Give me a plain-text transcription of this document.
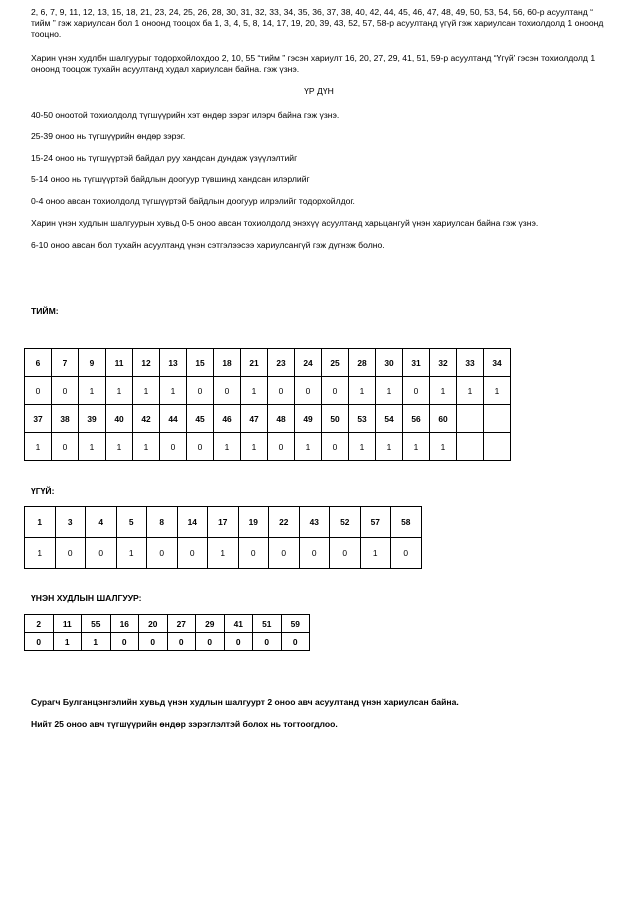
2, 6, 7, 9, 11, 12, 13, 15, 18, 21, 23, 24, 25, 26, 28, 30, 31, 32, 33, 34, 35, 36, 37, 38, 40, 42, 44, 45, 46, 47, 48, 49, 50, 53, 54, 56, 60-р асуултанд “ тийм ” гэж хариулсан бол 1 оноонд тооцох ба 1, 3, 4, 5, 8, 14, 17, 19, 20, 39, 43, 52, 57, 58-р асуултанд үгүй гэж хариулсан тохиолдолд 1 оноонд тооцно.

Харин үнэн худлбн шалгуурыг тодорхойлохдоо 2, 10, 55 “тийм ” гэсэн хариулт 16, 20, 27, 29, 41, 51, 59-р асуултанд “Үгүй’ гэсэн тохиолдолд 1 оноонд тооцож тухайн асуултанд худал хариулсан байна. гэж үзнэ.

ҮР ДҮН
40-50 оноотой тохиолдолд түгшүүрийн хэт өндөр зэрэг илэрч байна гэж үзнэ.
25-39 оноо нь түгшүүрийн өндөр зэрэг.
15-24 оноо нь түгшүүртэй байдал руу хандсан дундаж үзүүлэлтийг
5-14 оноо нь түгшүүртэй байдлын доогуур түвшинд хандсан илэрлийг
0-4 оноо авсан тохиолдолд түгшүүртэй байдлын доогуур илрэлийг тодорхойлдог.
Харин үнэн худлын шалгуурын хувьд 0-5 оноо авсан тохиолдолд энэхүү асуултанд харьцангуй үнэн хариулсан байна гэж үзнэ.
6-10 оноо авсан бол тухайн асуултанд үнэн сэтгэлээсээ хариулсангүй гэж дүгнэж болно.
ТИЙМ:
6	7	9	11	12	13	15	18	21	23	24	25	28	30	31	32	33	34
0	0	1	1	1	1	0	0	1	0	0	0	1	1	0	1	1	1
37	38	39	40	42	44	45	46	47	48	49	50	53	54	56	60		
1	0	1	1	1	0	0	1	1	0	1	0	1	1	1	1		
ҮГҮЙ:
1	3	4	5	8	14	17	19	22	43	52	57	58
1	0	0	1	0	0	1	0	0	0	0	1	0
ҮНЭН ХУДЛЫН ШАЛГУУР:
2	11	55	16	20	27	29	41	51	59
0	1	1	0	0	0	0	0	0	0
Сурагч Булганцэнгэлийн хувьд үнэн худлын шалгуурт 2 оноо авч асуултанд үнэн хариулсан байна.
Нийт 25 оноо авч түгшүүрийн өндөр зэрэглэлтэй болох нь тогтоогдлоо.
